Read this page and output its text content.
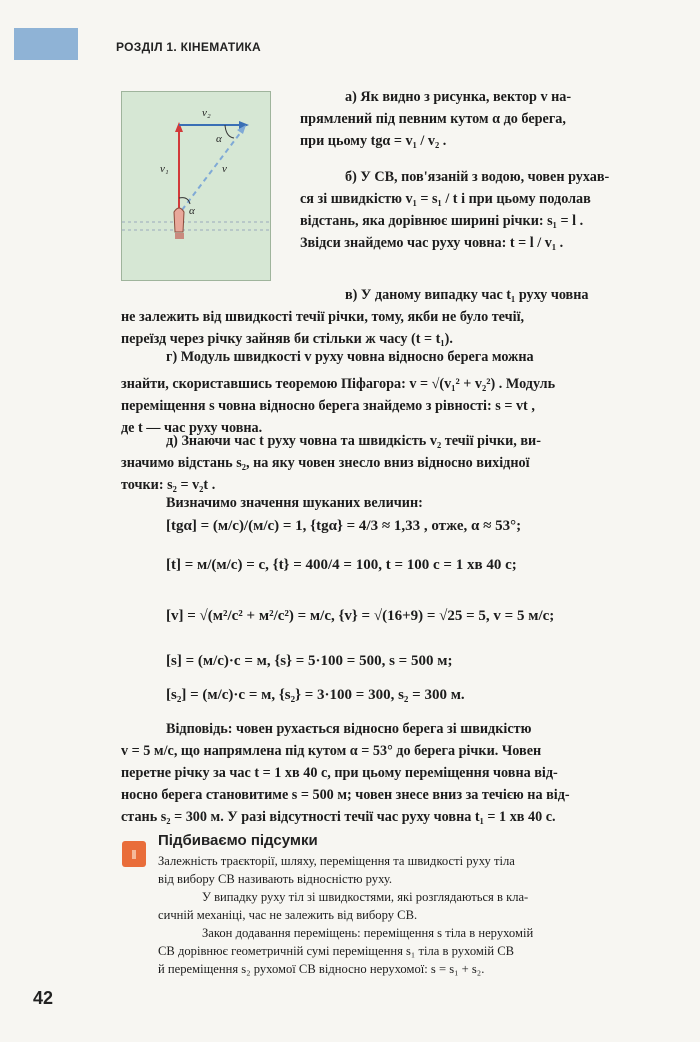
РОЗДІЛ 1. КІНЕМАТИКА
v₂
v₁	v
α
α
а) Як видно з рисунка, вектор v на-
прямлений під певним кутом α до берега,
при цьому tgα = v₁ / v₂ .
б) У СВ, пов'язаній з водою, човен рухав-
ся зі швидкістю v₁ = s₁ / t і при цьому подолав
відстань, яка дорівнює ширині річки: s₁ = l .
Звідси знайдемо час руху човна: t = l / v₁ .
в) У даному випадку час t₁ руху човна
не залежить від швидкості течії річки, тому, якби не було течії,
переїзд через річку зайняв би стільки ж часу (t = t₁).
г) Модуль швидкості v руху човна відносно берега можна
знайти, скориставшись теоремою Піфагора: v = √(v₁² + v₂²) . Модуль
переміщення s човна відносно берега знайдемо з рівності: s = vt ,
де t — час руху човна.
д) Знаючи час t руху човна та швидкість v₂ течії річки, ви-
значимо відстань s₂, на яку човен знесло вниз відносно вихідної
точки: s₂ = v₂t .
Визначимо значення шуканих величин:
[tgα] = (м/с)/(м/с) = 1, {tgα} = 4/3 ≈ 1,33 , отже, α ≈ 53°;
[t] = м/(м/с) = с, {t} = 400/4 = 100, t = 100 с = 1 хв 40 с;
[v] = √(м²/с² + м²/с²) = м/с, {v} = √(16+9) = √25 = 5, v = 5 м/с;
[s] = (м/с)·с = м, {s} = 5·100 = 500, s = 500 м;
[s₂] = (м/с)·с = м, {s₂} = 3·100 = 300, s₂ = 300 м.
Відповідь: човен рухається відносно берега зі швидкістю
v = 5 м/с, що напрямлена під кутом α = 53° до берега річки. Човен
перетне річку за час t = 1 хв 40 с, при цьому переміщення човна від-
носно берега становитиме s = 500 м; човен знесе вниз за течією на від-
стань s₂ = 300 м. У разі відсутності течії час руху човна t₁ = 1 хв 40 с.
Підбиваємо підсумки
Залежність траєкторії, шляху, переміщення та швидкості руху тіла
від вибору СВ називають відносністю руху.
У випадку руху тіл зі швидкостями, які розглядаються в кла-
сичній механіці, час не залежить від вибору СВ.
Закон додавання переміщень: переміщення s тіла в нерухомій
СВ дорівнює геометричній сумі переміщення s₁ тіла в рухомій СВ
й переміщення s₂ рухомої СВ відносно нерухомої: s = s₁ + s₂.
42
